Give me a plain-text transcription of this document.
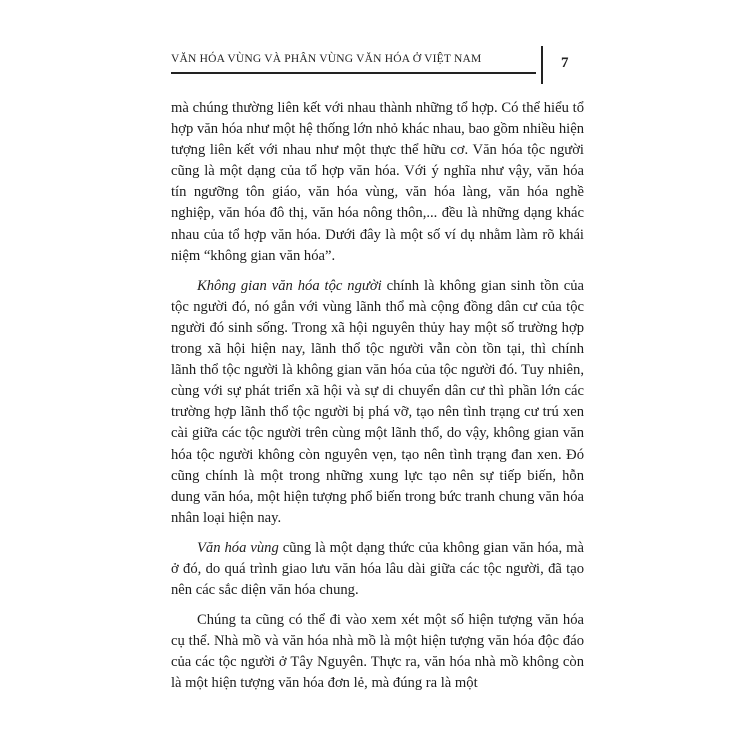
VĂN HÓA VÙNG VÀ PHÂN VÙNG VĂN HÓA Ở VIỆT NAM	7

mà chúng thường liên kết với nhau thành những tổ hợp. Có thể hiểu tổ hợp văn hóa như một hệ thống lớn nhỏ khác nhau, bao gồm nhiều hiện tượng liên kết với nhau như một thực thể hữu cơ. Văn hóa tộc người cũng là một dạng của tổ hợp văn hóa. Với ý nghĩa như vậy, văn hóa tín ngưỡng tôn giáo, văn hóa vùng, văn hóa làng, văn hóa nghề nghiệp, văn hóa đô thị, văn hóa nông thôn,... đều là những dạng khác nhau của tổ hợp văn hóa. Dưới đây là một số ví dụ nhằm làm rõ khái niệm “không gian văn hóa”.

Không gian văn hóa tộc người chính là không gian sinh tồn của tộc người đó, nó gắn với vùng lãnh thổ mà cộng đồng dân cư của tộc người đó sinh sống. Trong xã hội nguyên thủy hay một số trường hợp trong xã hội hiện nay, lãnh thổ tộc người vẫn còn tồn tại, thì chính lãnh thổ tộc người là không gian văn hóa của tộc người đó. Tuy nhiên, cùng với sự phát triển xã hội và sự di chuyển dân cư thì phần lớn các trường hợp lãnh thổ tộc người bị phá vỡ, tạo nên tình trạng cư trú xen cài giữa các tộc người trên cùng một lãnh thổ, do vậy, không gian văn hóa tộc người không còn nguyên vẹn, tạo nên tình trạng đan xen. Đó cũng chính là một trong những xung lực tạo nên sự tiếp biến, hỗn dung văn hóa, một hiện tượng phổ biến trong bức tranh chung văn hóa nhân loại hiện nay.

Văn hóa vùng cũng là một dạng thức của không gian văn hóa, mà ở đó, do quá trình giao lưu văn hóa lâu dài giữa các tộc người, đã tạo nên các sắc diện văn hóa chung.

Chúng ta cũng có thể đi vào xem xét một số hiện tượng văn hóa cụ thể. Nhà mồ và văn hóa nhà mồ là một hiện tượng văn hóa độc đáo của các tộc người ở Tây Nguyên. Thực ra, văn hóa nhà mồ không còn là một hiện tượng văn hóa đơn lẻ, mà đúng ra là một
